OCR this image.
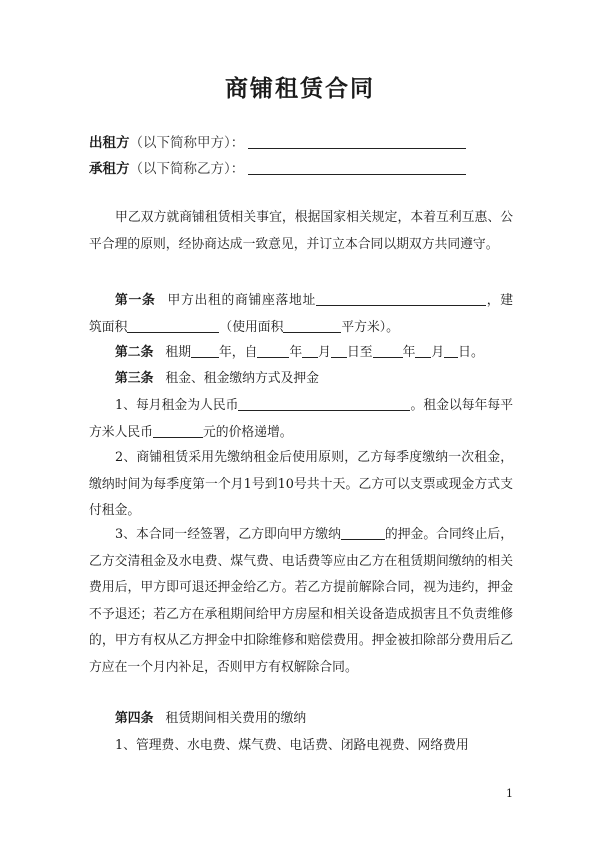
商铺租赁合同
出租方（以下简称甲方）：
承租方（以下简称乙方）：
甲乙双方就商铺租赁相关事宜，根据国家相关规定，本着互利互惠、公平合理的原则，经协商达成一致意见，并订立本合同以期双方共同遵守。
第一条 甲方出租的商铺座落地址	，建筑面积	（使用面积	平方米）。
第二条 租期 年，自	年 月 日至 年 月 日。
第三条 租金、租金缴纳方式及押金
1、每月租金为人民币	。租金以每年每平方米人民币	元的价格递增。
2、商铺租赁采用先缴纳租金后使用原则，乙方每季度缴纳一次租金，缴纳时间为每季度第一个月1号到10号共十天。乙方可以支票或现金方式支付租金。
3、本合同一经签署，乙方即向甲方缴纳	的押金。合同终止后，乙方交清租金及水电费、煤气费、电话费等应由乙方在租赁期间缴纳的相关费用后，甲方即可退还押金给乙方。若乙方提前解除合同，视为违约，押金不予退还；若乙方在承租期间给甲方房屋和相关设备造成损害且不负责维修的，甲方有权从乙方押金中扣除维修和赔偿费用。押金被扣除部分费用后乙方应在一个月内补足，否则甲方有权解除合同。
第四条 租赁期间相关费用的缴纳
1、管理费、水电费、煤气费、电话费、闭路电视费、网络费用
1
